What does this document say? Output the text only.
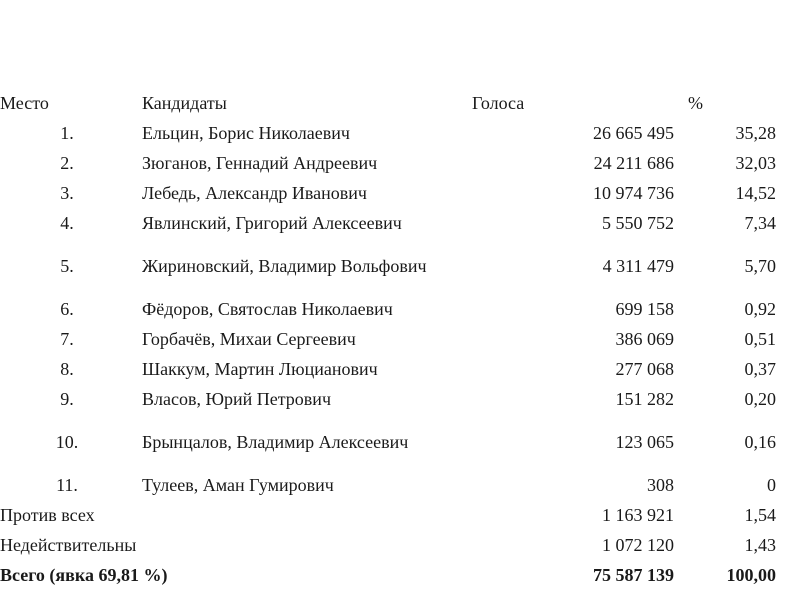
Место	Кандидаты	Голоса	%
1.	Ельцин, Борис Николаевич	26 665 495	35,28
2.	Зюганов, Геннадий Андреевич	24 211 686	32,03
3.	Лебедь, Александр Иванович	10 974 736	14,52
4.	Явлинский, Григорий Алексеевич	5 550 752	7,34
5.	Жириновский, Владимир Вольфович	4 311 479	5,70
6.	Фёдоров, Святослав Николаевич	699 158	0,92
7.	Горбачёв, Михаи Сергеевич	386 069	0,51
8.	Шаккум, Мартин Люцианович	277 068	0,37
9.	Власов, Юрий Петрович	151 282	0,20
10.	Брынцалов, Владимир Алексеевич	123 065	0,16
11.	Тулеев, Аман Гумирович	308	0
Против всех		1 163 921	1,54
Недействительны		1 072 120	1,43
Всего (явка 69,81 %)		75 587 139	100,00
